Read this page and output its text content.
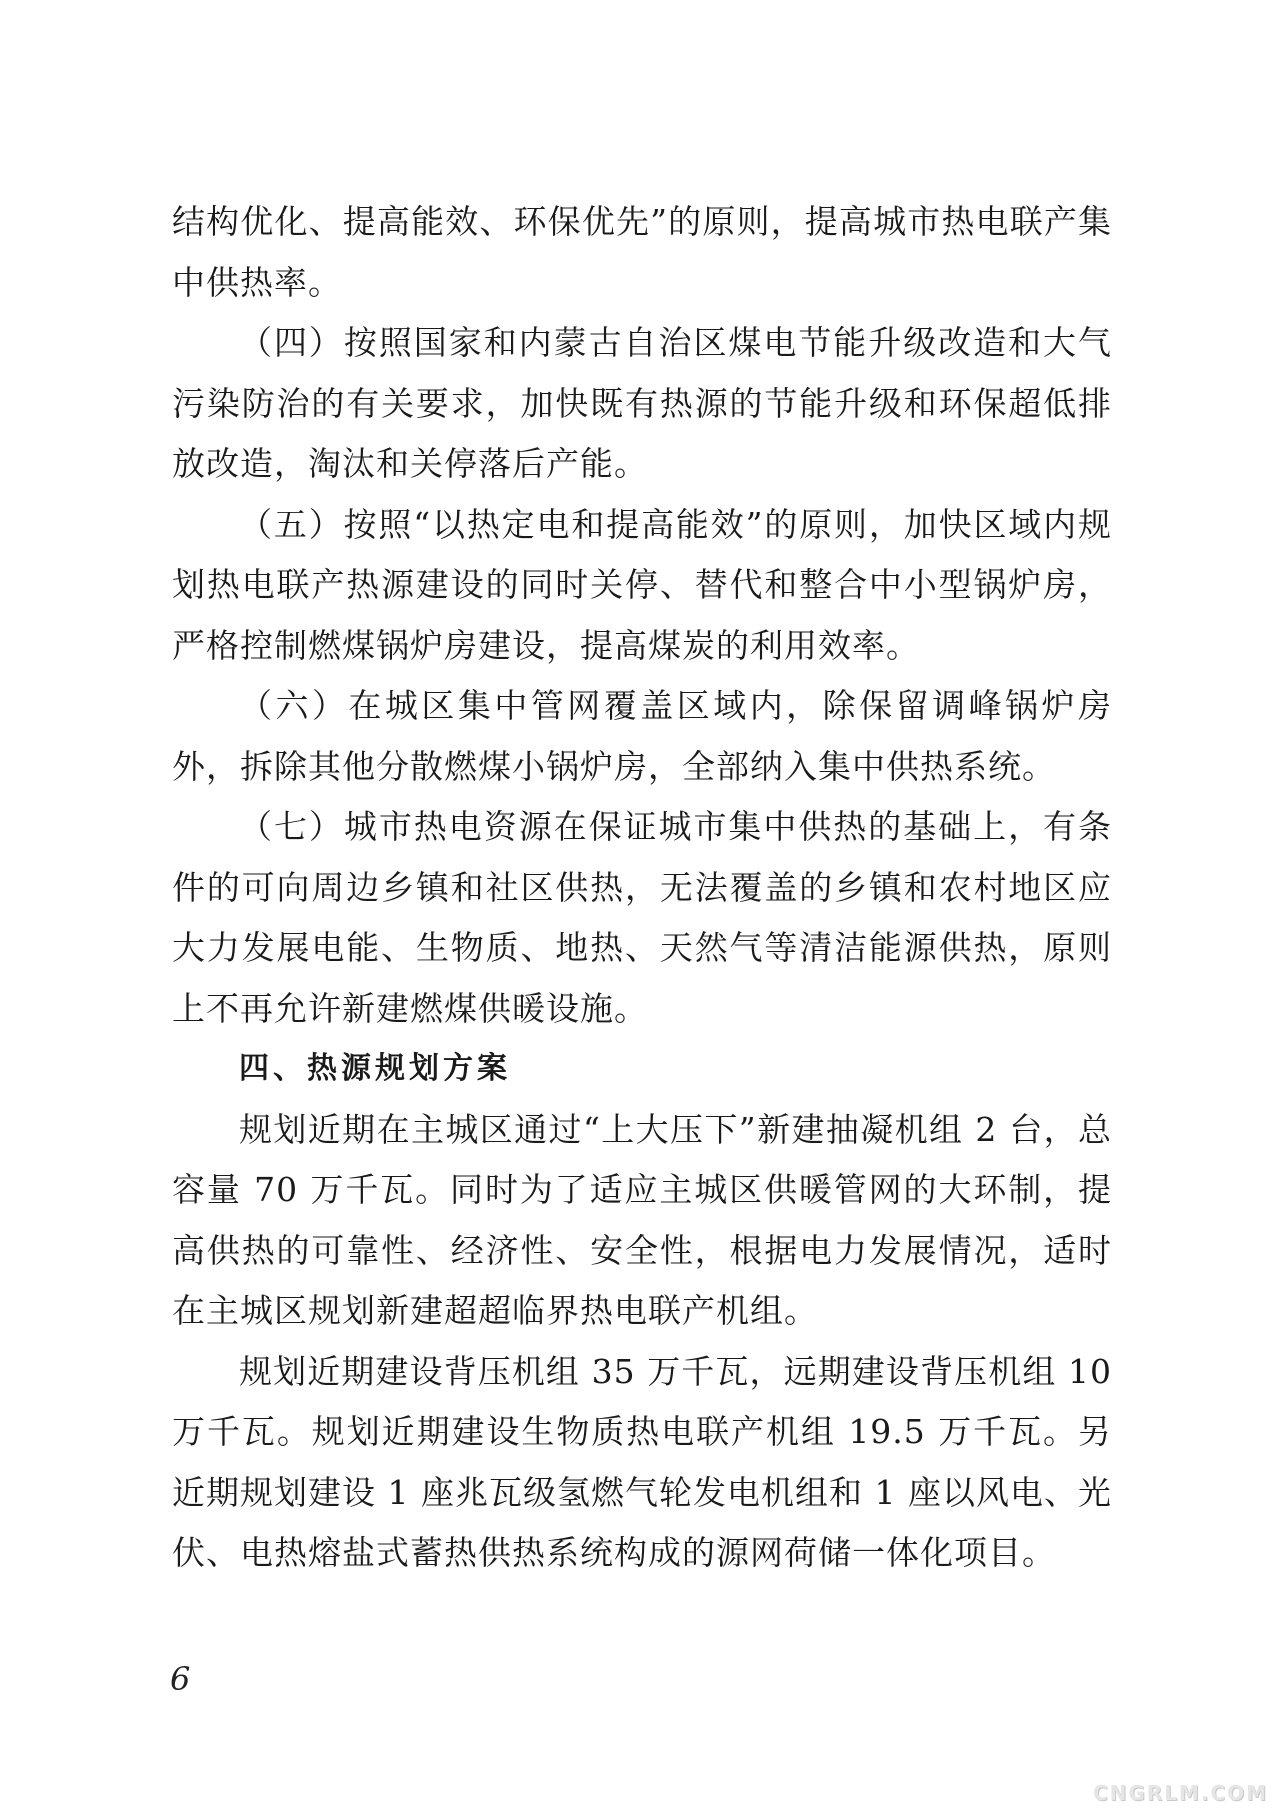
结构优化、提高能效、环保优先”的原则，提高城市热电联产集中供热率。

（四）按照国家和内蒙古自治区煤电节能升级改造和大气污染防治的有关要求，加快既有热源的节能升级和环保超低排放改造，淘汰和关停落后产能。

（五）按照“以热定电和提高能效”的原则，加快区域内规划热电联产热源建设的同时关停、替代和整合中小型锅炉房，严格控制燃煤锅炉房建设，提高煤炭的利用效率。

（六）在城区集中管网覆盖区域内，除保留调峰锅炉房外，拆除其他分散燃煤小锅炉房，全部纳入集中供热系统。

（七）城市热电资源在保证城市集中供热的基础上，有条件的可向周边乡镇和社区供热，无法覆盖的乡镇和农村地区应大力发展电能、生物质、地热、天然气等清洁能源供热，原则上不再允许新建燃煤供暖设施。

四、热源规划方案

规划近期在主城区通过“上大压下”新建抽凝机组 2 台，总容量 70 万千瓦。同时为了适应主城区供暖管网的大环制，提高供热的可靠性、经济性、安全性，根据电力发展情况，适时在主城区规划新建超超临界热电联产机组。

规划近期建设背压机组 35 万千瓦，远期建设背压机组 10 万千瓦。规划近期建设生物质热电联产机组 19.5 万千瓦。另近期规划建设 1 座兆瓦级氢燃气轮发电机组和 1 座以风电、光伏、电热熔盐式蓄热供热系统构成的源网荷储一体化项目。

6
CNGRLM.COM
